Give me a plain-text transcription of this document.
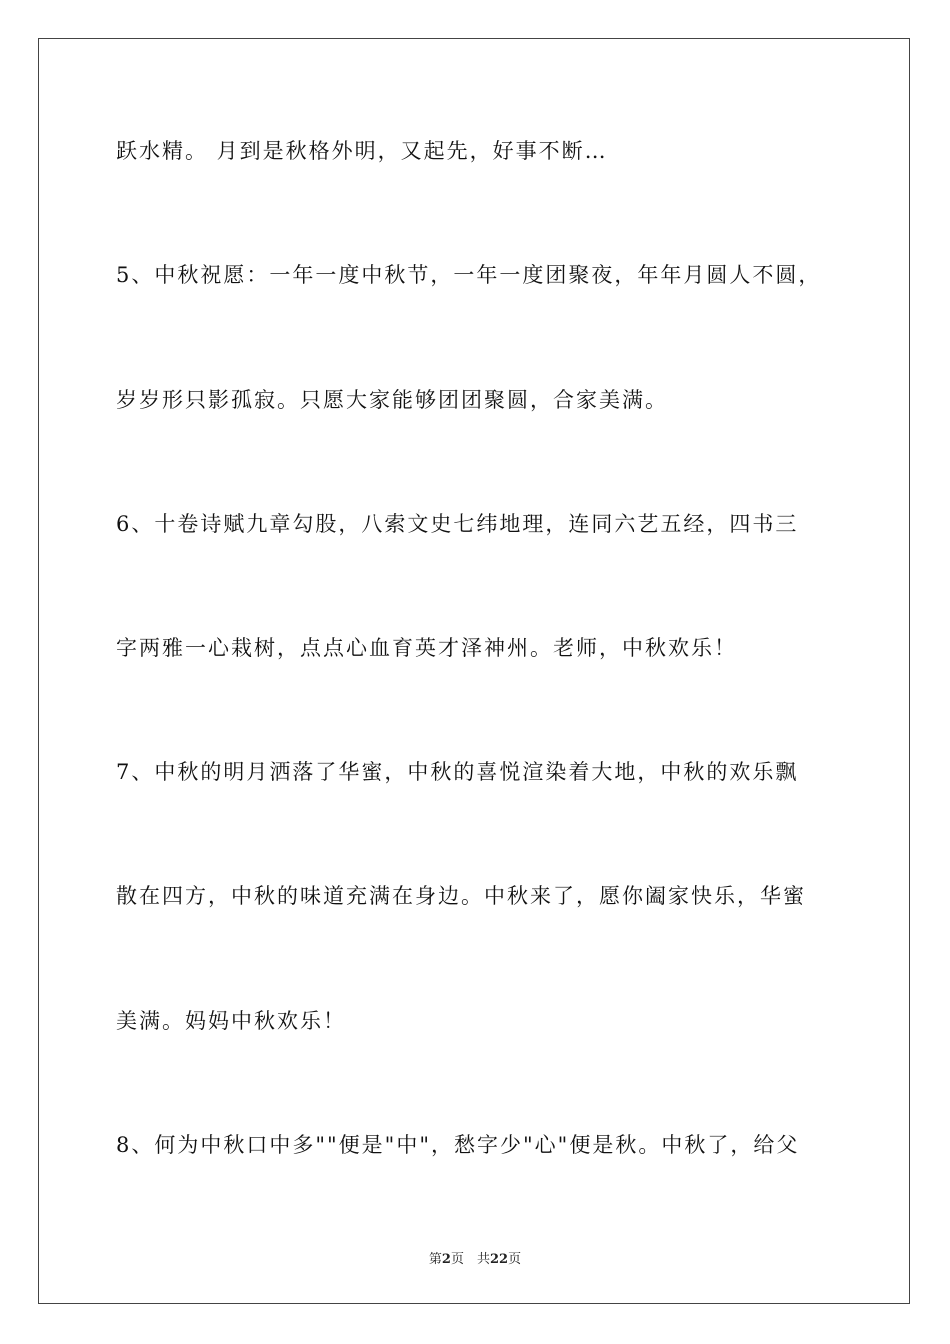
跃水精。 月到是秋格外明，又起先，好事不断…
5、中秋祝愿：一年一度中秋节，一年一度团聚夜，年年月圆人不圆，
岁岁形只影孤寂。只愿大家能够团团聚圆，合家美满。
6、十卷诗赋九章勾股，八索文史七纬地理，连同六艺五经，四书三
字两雅一心栽树，点点心血育英才泽神州。老师，中秋欢乐！
7、中秋的明月洒落了华蜜，中秋的喜悦渲染着大地，中秋的欢乐飘
散在四方，中秋的味道充满在身边。中秋来了，愿你阖家快乐，华蜜
美满。妈妈中秋欢乐！
8、何为中秋口中多""便是"中"，愁字少"心"便是秋。中秋了，给父
第2页　共22页
